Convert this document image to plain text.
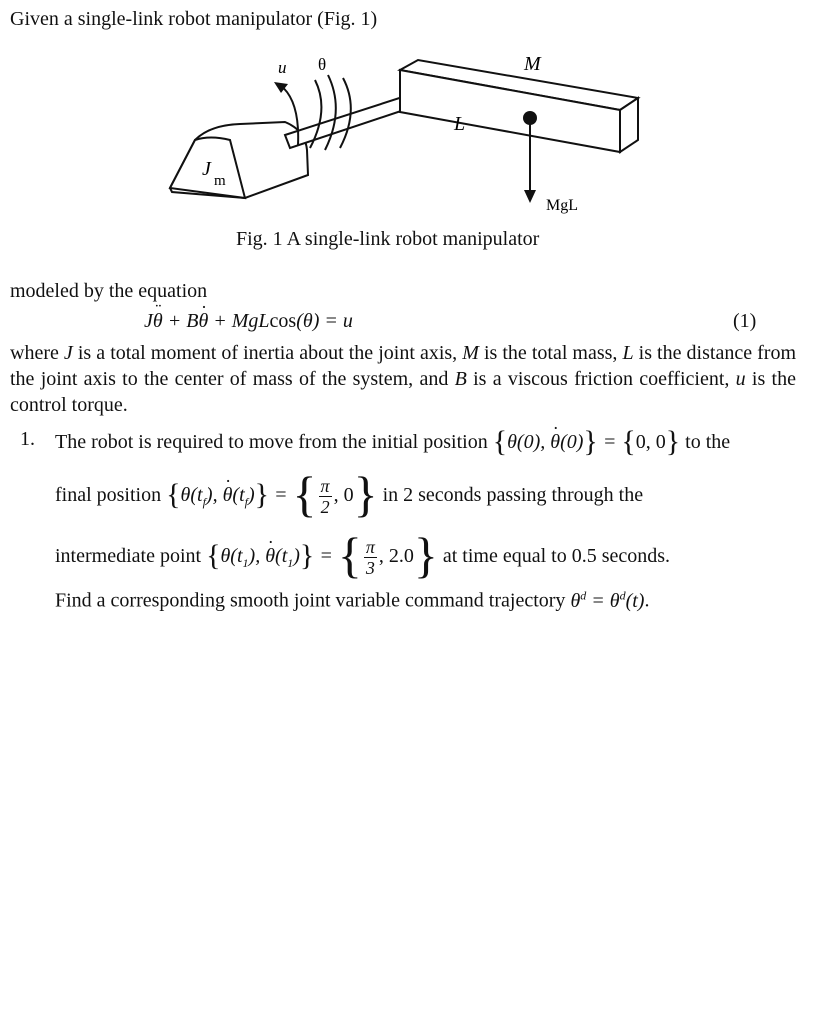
Given a single-link robot manipulator (Fig. 1)
u θ	M
L
J
m
MgL
Fig. 1 A single-link robot manipulator
modeled by the equation
Jθ ¨ + Bθ · + MgLcos(θ) = u	(1)
where J is a total moment of inertia about the joint axis, M is the total mass, L is the distance from the joint axis to the center of mass of the system, and B is a viscous friction coefficient, u is the control torque.
1. The robot is required to move from the initial position {θ(0), θ ·(0)} = {0, 0} to the
final position {$\theta(t_f)$, $\theta \cdot(t_f)$} = { $\frac{\pi}{2}$ , 0} in 2 seconds passing through the
intermediate point {$\theta(t_1)$, $\theta \cdot(t_1)$} = { $\frac{\pi}{3}$ , 2.0} at time equal to 0.5 seconds.
Find a corresponding smooth joint variable command trajectory $\theta^d = \theta^d(t)$.
